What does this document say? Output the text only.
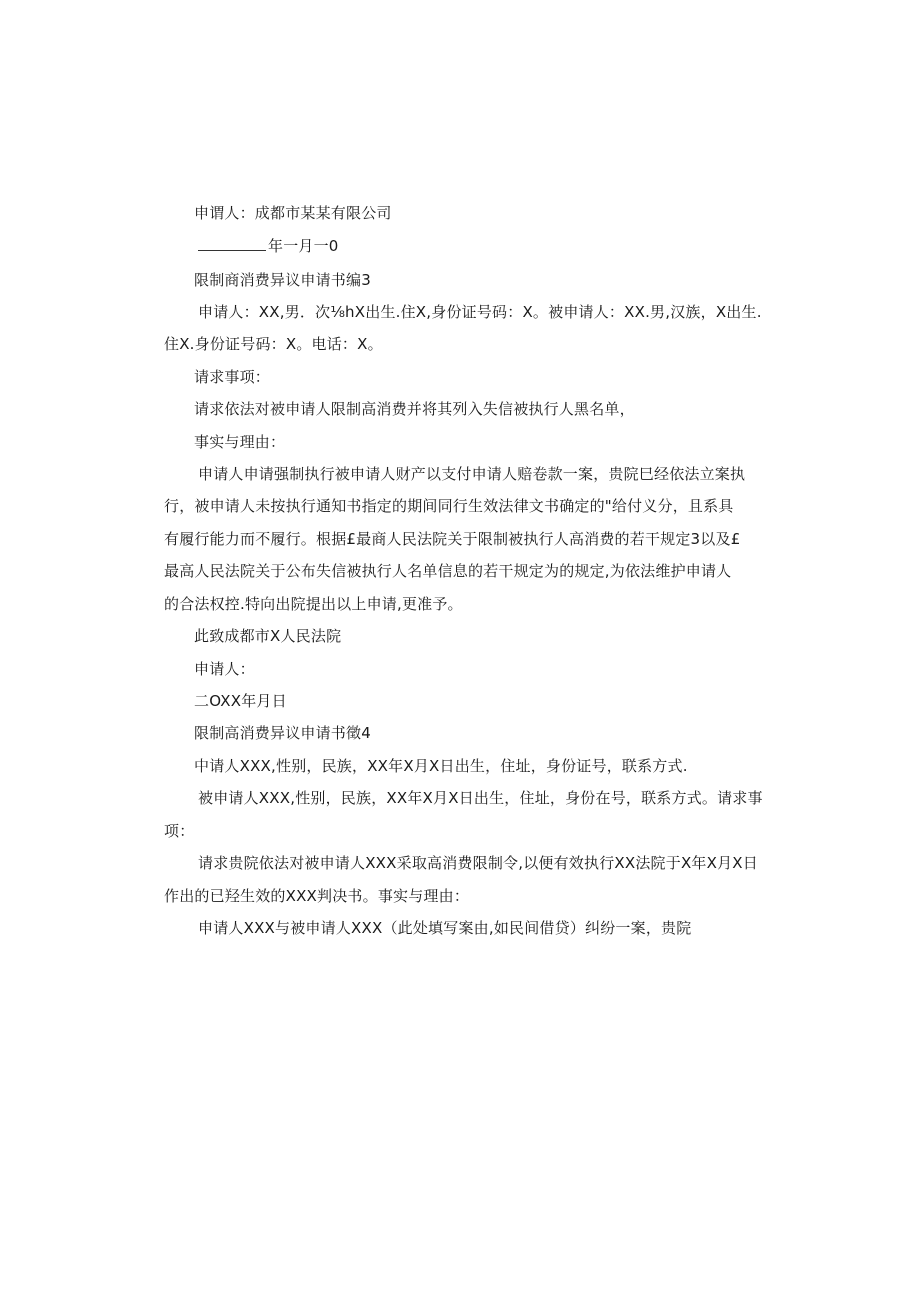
申谓人：成都市某某有限公司
年一月一0
限制商消费异议申请书编3
申请人：XX,男．次⅛hX出生.住X,身份证号码：X。被申请人：XX.男,汉族，X出生.
住X.身份证号码：X。电话：X。
请求事项：
请求依法对被申请人限制高消费并将其列入失信被执行人黑名单，
事实与理由：
申请人申请强制执行被申请人财产以支付申请人赔卷款一案，贵院巳经依法立案执
行，被申请人未按执行通知书指定的期间同行生效法律文书确定的"给付义分，且系具
有履行能力而不履行。根据£最商人民法院关于限制被执行人高消费的若干规定3以及£
最高人民法院关于公布失信被执行人名单信息的若干规定为的规定,为依法维护申请人
的合法权控.特向出院提出以上申请,更准予。
此致成都市X人民法院
申请人：
二OXX年月日
限制高消费异议申请书徵4
中请人XXX,性别，民族，XX年X月X日出生，住址，身份证号，联系方式.
被申请人XXX,性别，民族，XX年X月X日出生，住址，身份在号，联系方式。请求事
项：
请求贵院依法对被申请人XXX采取高消费限制令,以便有效执行XX法院于X年X月X日
作出的已羟生效的XXX判决书。事实与理由：
申请人XXX与被申请人XXX（此处填写案由,如民间借贷）纠纷一案，贵院
